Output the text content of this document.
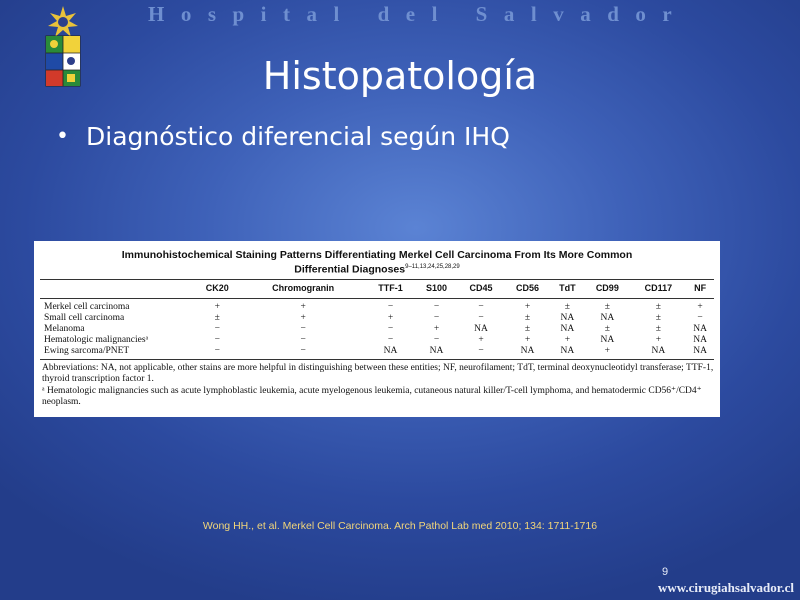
Hospital del Salvador
Histopatología
• Diagnóstico diferencial según IHQ
Immunohistochemical Staining Patterns Differentiating Merkel Cell Carcinoma From Its More Common
Differential Diagnoses$^{9-11,13,24,25,28,29}$
	CK20	Chromogranin	TTF-1	S100	CD45	CD56	TdT	CD99	CD117	NF
Merkel cell carcinoma	+	+	−	−	−	+	±	±	±	+
Small cell carcinoma	±	+	+	−	−	±	NA	NA	±	−
Melanoma	−	−	−	+	NA	±	NA	±	±	NA
Hematologic malignanciesᵃ	−	−	−	−	+	+	+	NA	+	NA
Ewing sarcoma/PNET	−	−	NA	NA	−	NA	NA	+	NA	NA

Abbreviations: NA, not applicable, other stains are more helpful in distinguishing between these entities; NF, neurofilament; TdT, terminal deoxynucleotidyl transferase; TTF-1, thyroid transcription factor 1.

ᵃ Hematologic malignancies such as acute lymphoblastic leukemia, acute myelogenous leukemia, cutaneous natural killer/T-cell lymphoma, and hematodermic CD56⁺/CD4⁺ neoplasm.

Wong HH., et al. Merkel Cell Carcinoma. Arch Pathol Lab med 2010; 134: 1711-1716
9
www.cirugiahsalvador.cl
